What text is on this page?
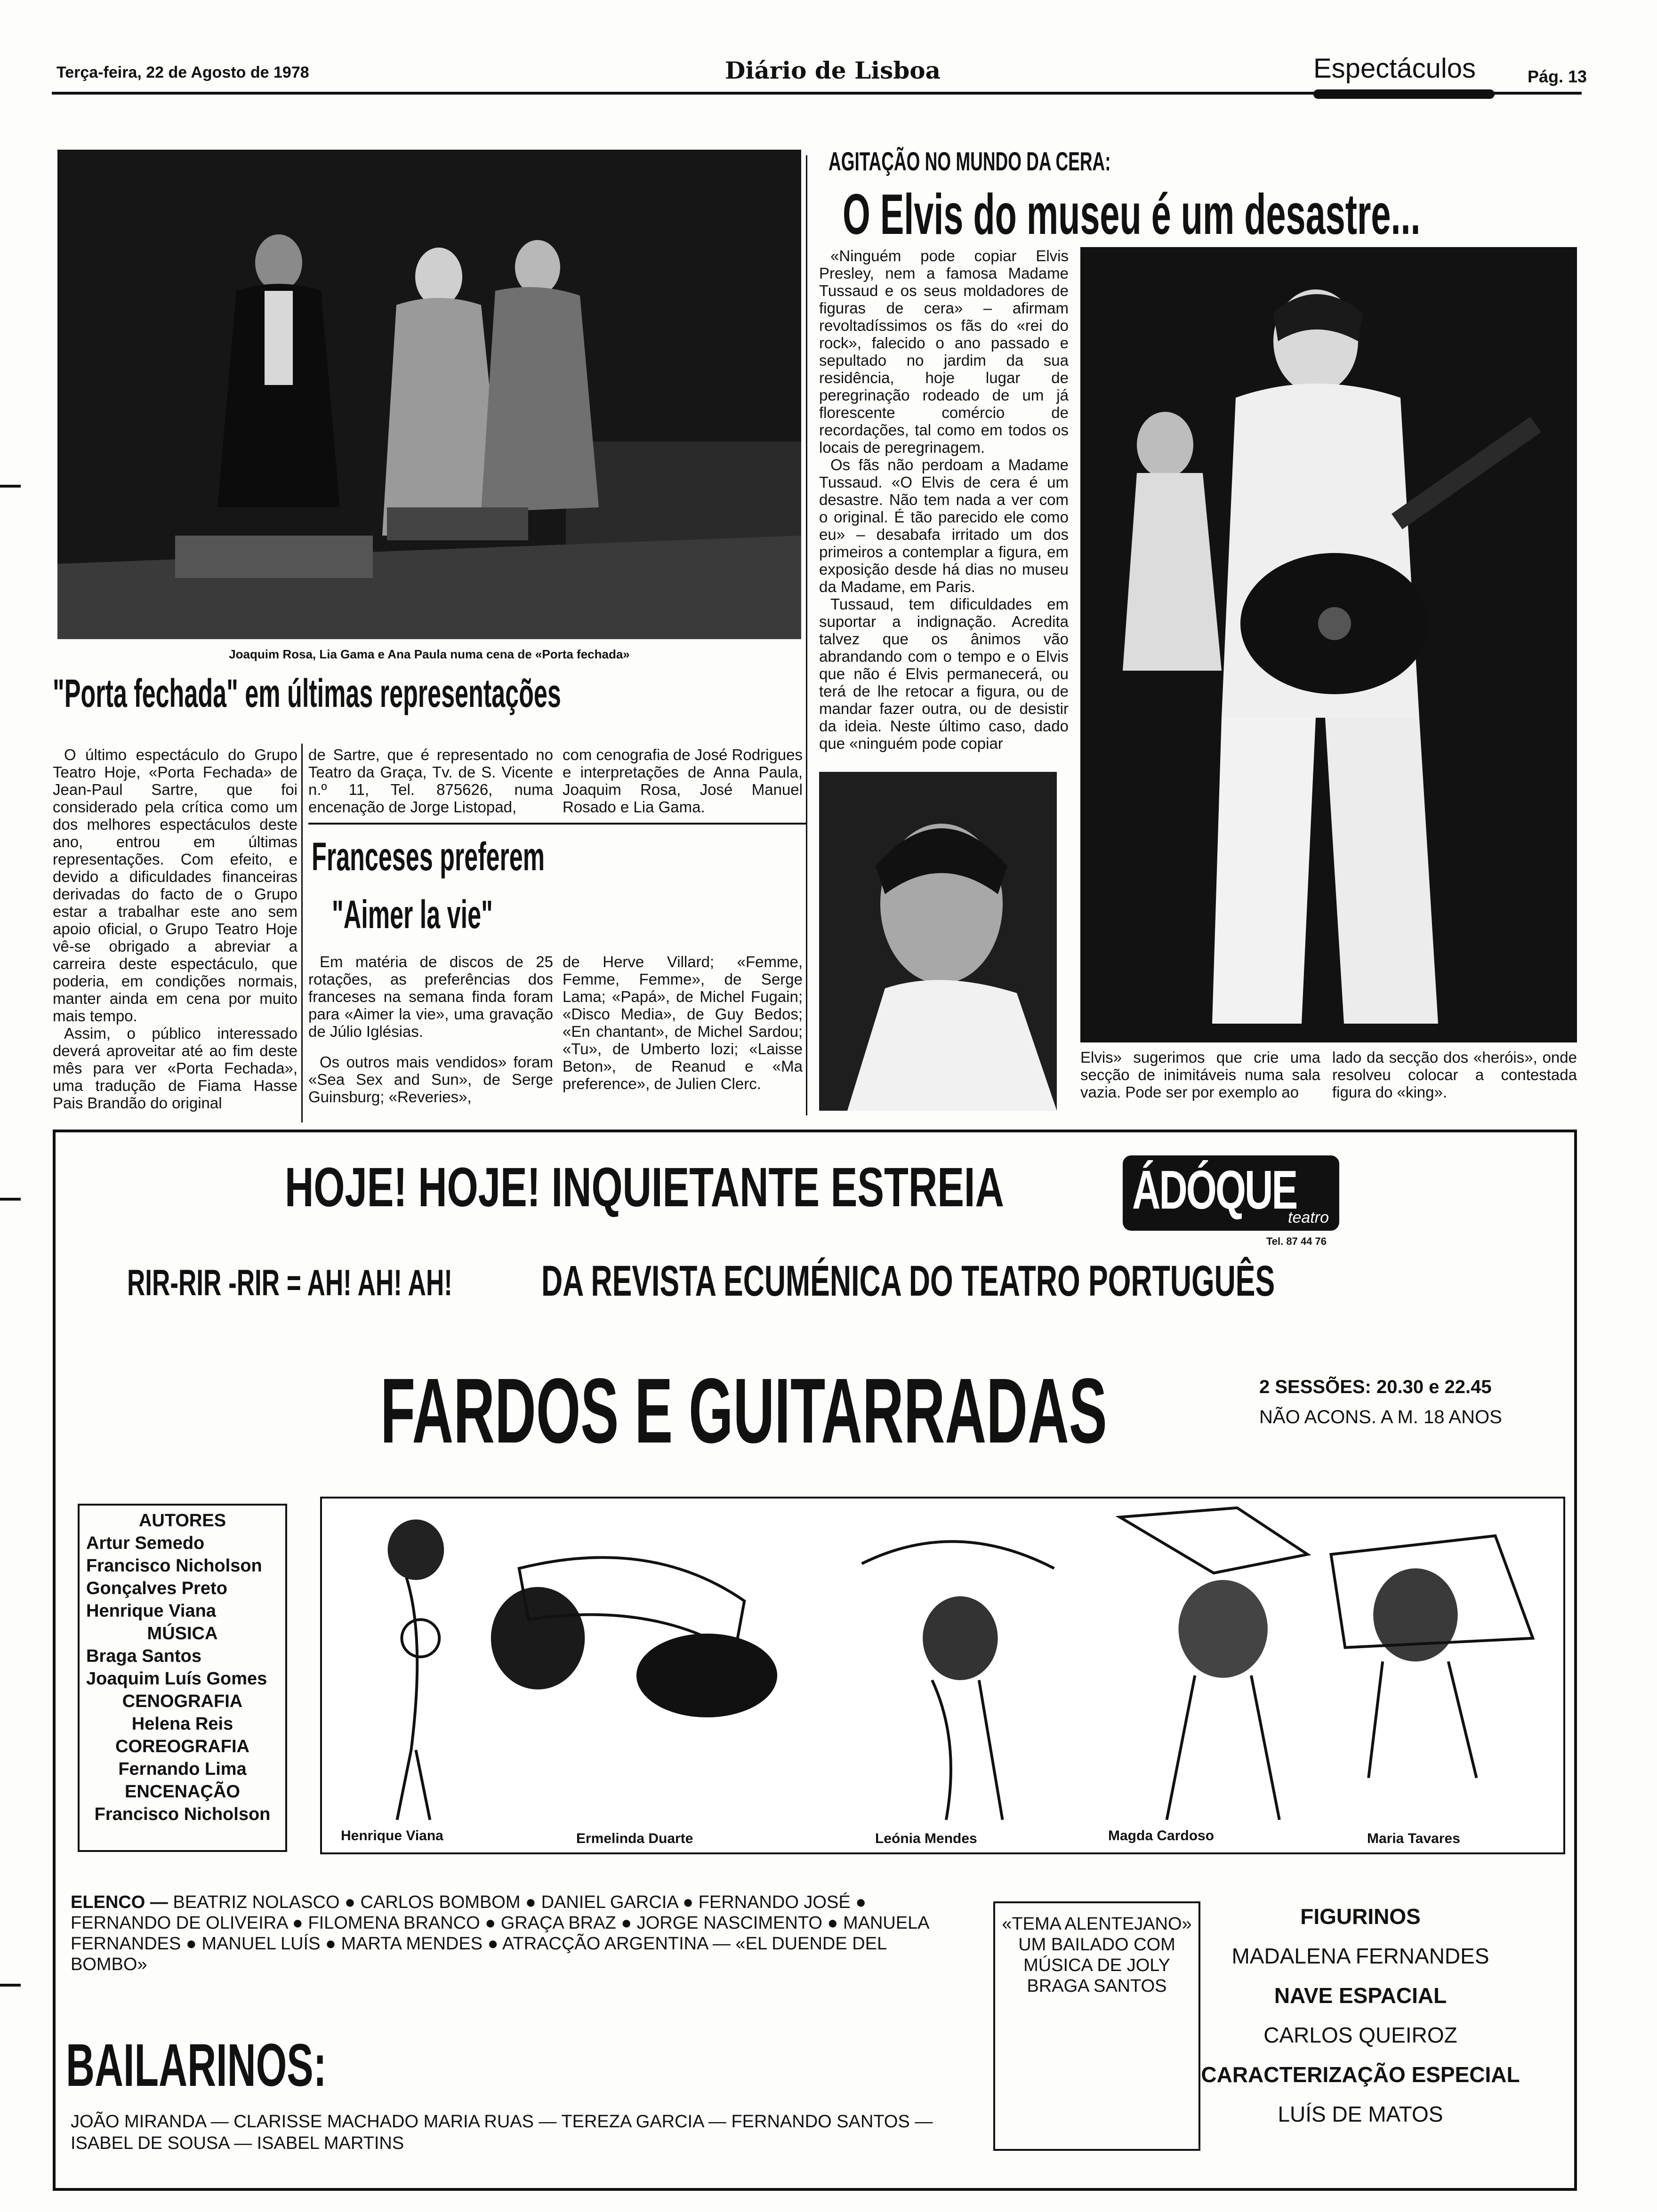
Terça-feira, 22 de Agosto de 1978	Diário de Lisboa	Espectáculos	Pág. 13
Joaquim Rosa, Lia Gama e Ana Paula numa cena de «Porta fechada»
"Porta fechada" em últimas representações

O último espectáculo do Grupo Teatro Hoje, «Porta Fechada» de Jean-Paul Sartre, que foi considerado pela crítica como um dos melhores espectáculos deste ano, entrou em últimas representações. Com efeito, e devido a dificuldades financeiras derivadas do facto de o Grupo estar a trabalhar este ano sem apoio oficial, o Grupo Teatro Hoje vê-se obrigado a abreviar a carreira deste espectáculo, que poderia, em condições normais, manter ainda em cena por muito mais tempo.

Assim, o público interessado deverá aproveitar até ao fim deste mês para ver «Porta Fechada», uma tradução de Fiama Hasse Pais Brandão do original

de Sartre, que é representado no Teatro da Graça, Tv. de S. Vicente n.º 11, Tel. 875626, numa encenação de Jorge Listopad,

com cenografia de José Rodrigues e interpretações de Anna Paula, Joaquim Rosa, José Manuel Rosado e Lia Gama.

Franceses preferem
"Aimer la vie"

Em matéria de discos de 25 rotações, as preferências dos franceses na semana finda foram para «Aimer la vie», uma gravação de Júlio Iglésias.

Os outros mais vendidos» foram «Sea Sex and Sun», de Serge Guinsburg; «Reveries»,

de Herve Villard; «Femme, Femme, Femme», de Serge Lama; «Papá», de Michel Fugain; «Disco Media», de Guy Bedos; «En chantant», de Michel Sardou; «Tu», de Umberto lozi; «Laisse Beton», de Reanud e «Ma preference», de Julien Clerc.

AGITAÇÃO NO MUNDO DA CERA:
O Elvis do museu é um desastre...

«Ninguém pode copiar Elvis Presley, nem a famosa Madame Tussaud e os seus moldadores de figuras de cera» – afirmam revoltadíssimos os fãs do «rei do rock», falecido o ano passado e sepultado no jardim da sua residência, hoje lugar de peregrinação rodeado de um já florescente comércio de recordações, tal como em todos os locais de peregrinagem.

Os fãs não perdoam a Madame Tussaud. «O Elvis de cera é um desastre. Não tem nada a ver com o original. É tão parecido ele como eu» – desabafa irritado um dos primeiros a contemplar a figura, em exposição desde há dias no museu da Madame, em Paris.

Tussaud, tem dificuldades em suportar a indignação. Acredita talvez que os ânimos vão abrandando com o tempo e o Elvis que não é Elvis permanecerá, ou terá de lhe retocar a figura, ou de mandar fazer outra, ou de desistir da ideia. Neste último caso, dado que «ninguém pode copiar

Elvis» sugerimos que crie uma secção de inimitáveis numa sala vazia. Pode ser por exemplo ao

lado da secção dos «heróis», onde resolveu colocar a contestada figura do «king».

HOJE! HOJE! INQUIETANTE ESTREIA ÁDÓQUE
teatro
Tel. 87 44 76
RIR-RIR -RIR = AH! AH! AH! DA REVISTA ECUMÉNICA DO TEATRO PORTUGUÊS
FARDOS E GUITARRADAS	2 SESSÕES: 20.30 e 22.45
NÃO ACONS. A M. 18 ANOS
AUTORES
Artur Semedo
Francisco Nicholson
Gonçalves Preto
Henrique Viana
MÚSICA
Braga Santos
Joaquim Luís Gomes
CENOGRAFIA
Helena Reis
COREOGRAFIA
Fernando Lima
ENCENAÇÃO
Francisco Nicholson
Henrique Viana	Ermelinda Duarte	Leónia Mendes	Magda Cardoso	Maria Tavares
ELENCO — BEATRIZ NOLASCO ● CARLOS BOMBOM ● DANIEL GARCIA ● FERNANDO JOSÉ ● FERNANDO DE OLIVEIRA ● FILOMENA BRANCO ● GRAÇA BRAZ ● JORGE NASCIMENTO ● MANUELA FERNANDES ● MANUEL LUÍS ● MARTA MENDES ● ATRACÇÃO ARGENTINA — «EL DUENDE DEL BOMBO»
BAILARINOS:
JOÃO MIRANDA — CLARISSE MACHADO MARIA RUAS — TEREZA GARCIA — FERNANDO SANTOS — ISABEL DE SOUSA — ISABEL MARTINS
«TEMA ALENTEJANO» UM BAILADO COM MÚSICA DE JOLY BRAGA SANTOS
FIGURINOS
MADALENA FERNANDES
NAVE ESPACIAL
CARLOS QUEIROZ
CARACTERIZAÇÃO ESPECIAL
LUÍS DE MATOS
